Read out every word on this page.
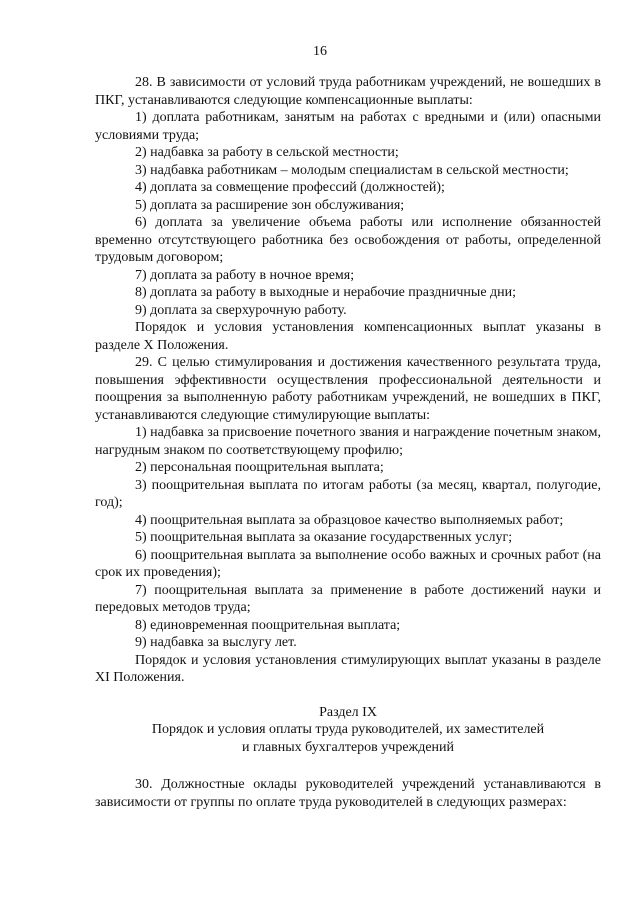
16

28. В зависимости от условий труда работникам учреждений, не вошедших в ПКГ, устанавливаются следующие компенсационные выплаты:

1) доплата работникам, занятым на работах с вредными и (или) опасными условиями труда;

2) надбавка за работу в сельской местности;

3) надбавка работникам – молодым специалистам в сельской местности;

4) доплата за совмещение профессий (должностей);

5) доплата за расширение зон обслуживания;

6) доплата за увеличение объема работы или исполнение обязанностей временно отсутствующего работника без освобождения от работы, определенной трудовым договором;

7) доплата за работу в ночное время;

8) доплата за работу в выходные и нерабочие праздничные дни;

9) доплата за сверхурочную работу.

Порядок и условия установления компенсационных выплат указаны в разделе X Положения.

29. С целью стимулирования и достижения качественного результата труда, повышения эффективности осуществления профессиональной деятельности и поощрения за выполненную работу работникам учреждений, не вошедших в ПКГ, устанавливаются следующие стимулирующие выплаты:

1) надбавка за присвоение почетного звания и награждение почетным знаком, нагрудным знаком по соответствующему профилю;

2) персональная поощрительная выплата;

3) поощрительная выплата по итогам работы (за месяц, квартал, полугодие, год);

4) поощрительная выплата за образцовое качество выполняемых работ;

5) поощрительная выплата за оказание государственных услуг;

6) поощрительная выплата за выполнение особо важных и срочных работ (на срок их проведения);

7) поощрительная выплата за применение в работе достижений науки и передовых методов труда;

8) единовременная поощрительная выплата;

9) надбавка за выслугу лет.

Порядок и условия установления стимулирующих выплат указаны в разделе XI Положения.

Раздел IX

Порядок и условия оплаты труда руководителей, их заместителей

и главных бухгалтеров учреждений

30. Должностные оклады руководителей учреждений устанавливаются в зависимости от группы по оплате труда руководителей в следующих размерах:
